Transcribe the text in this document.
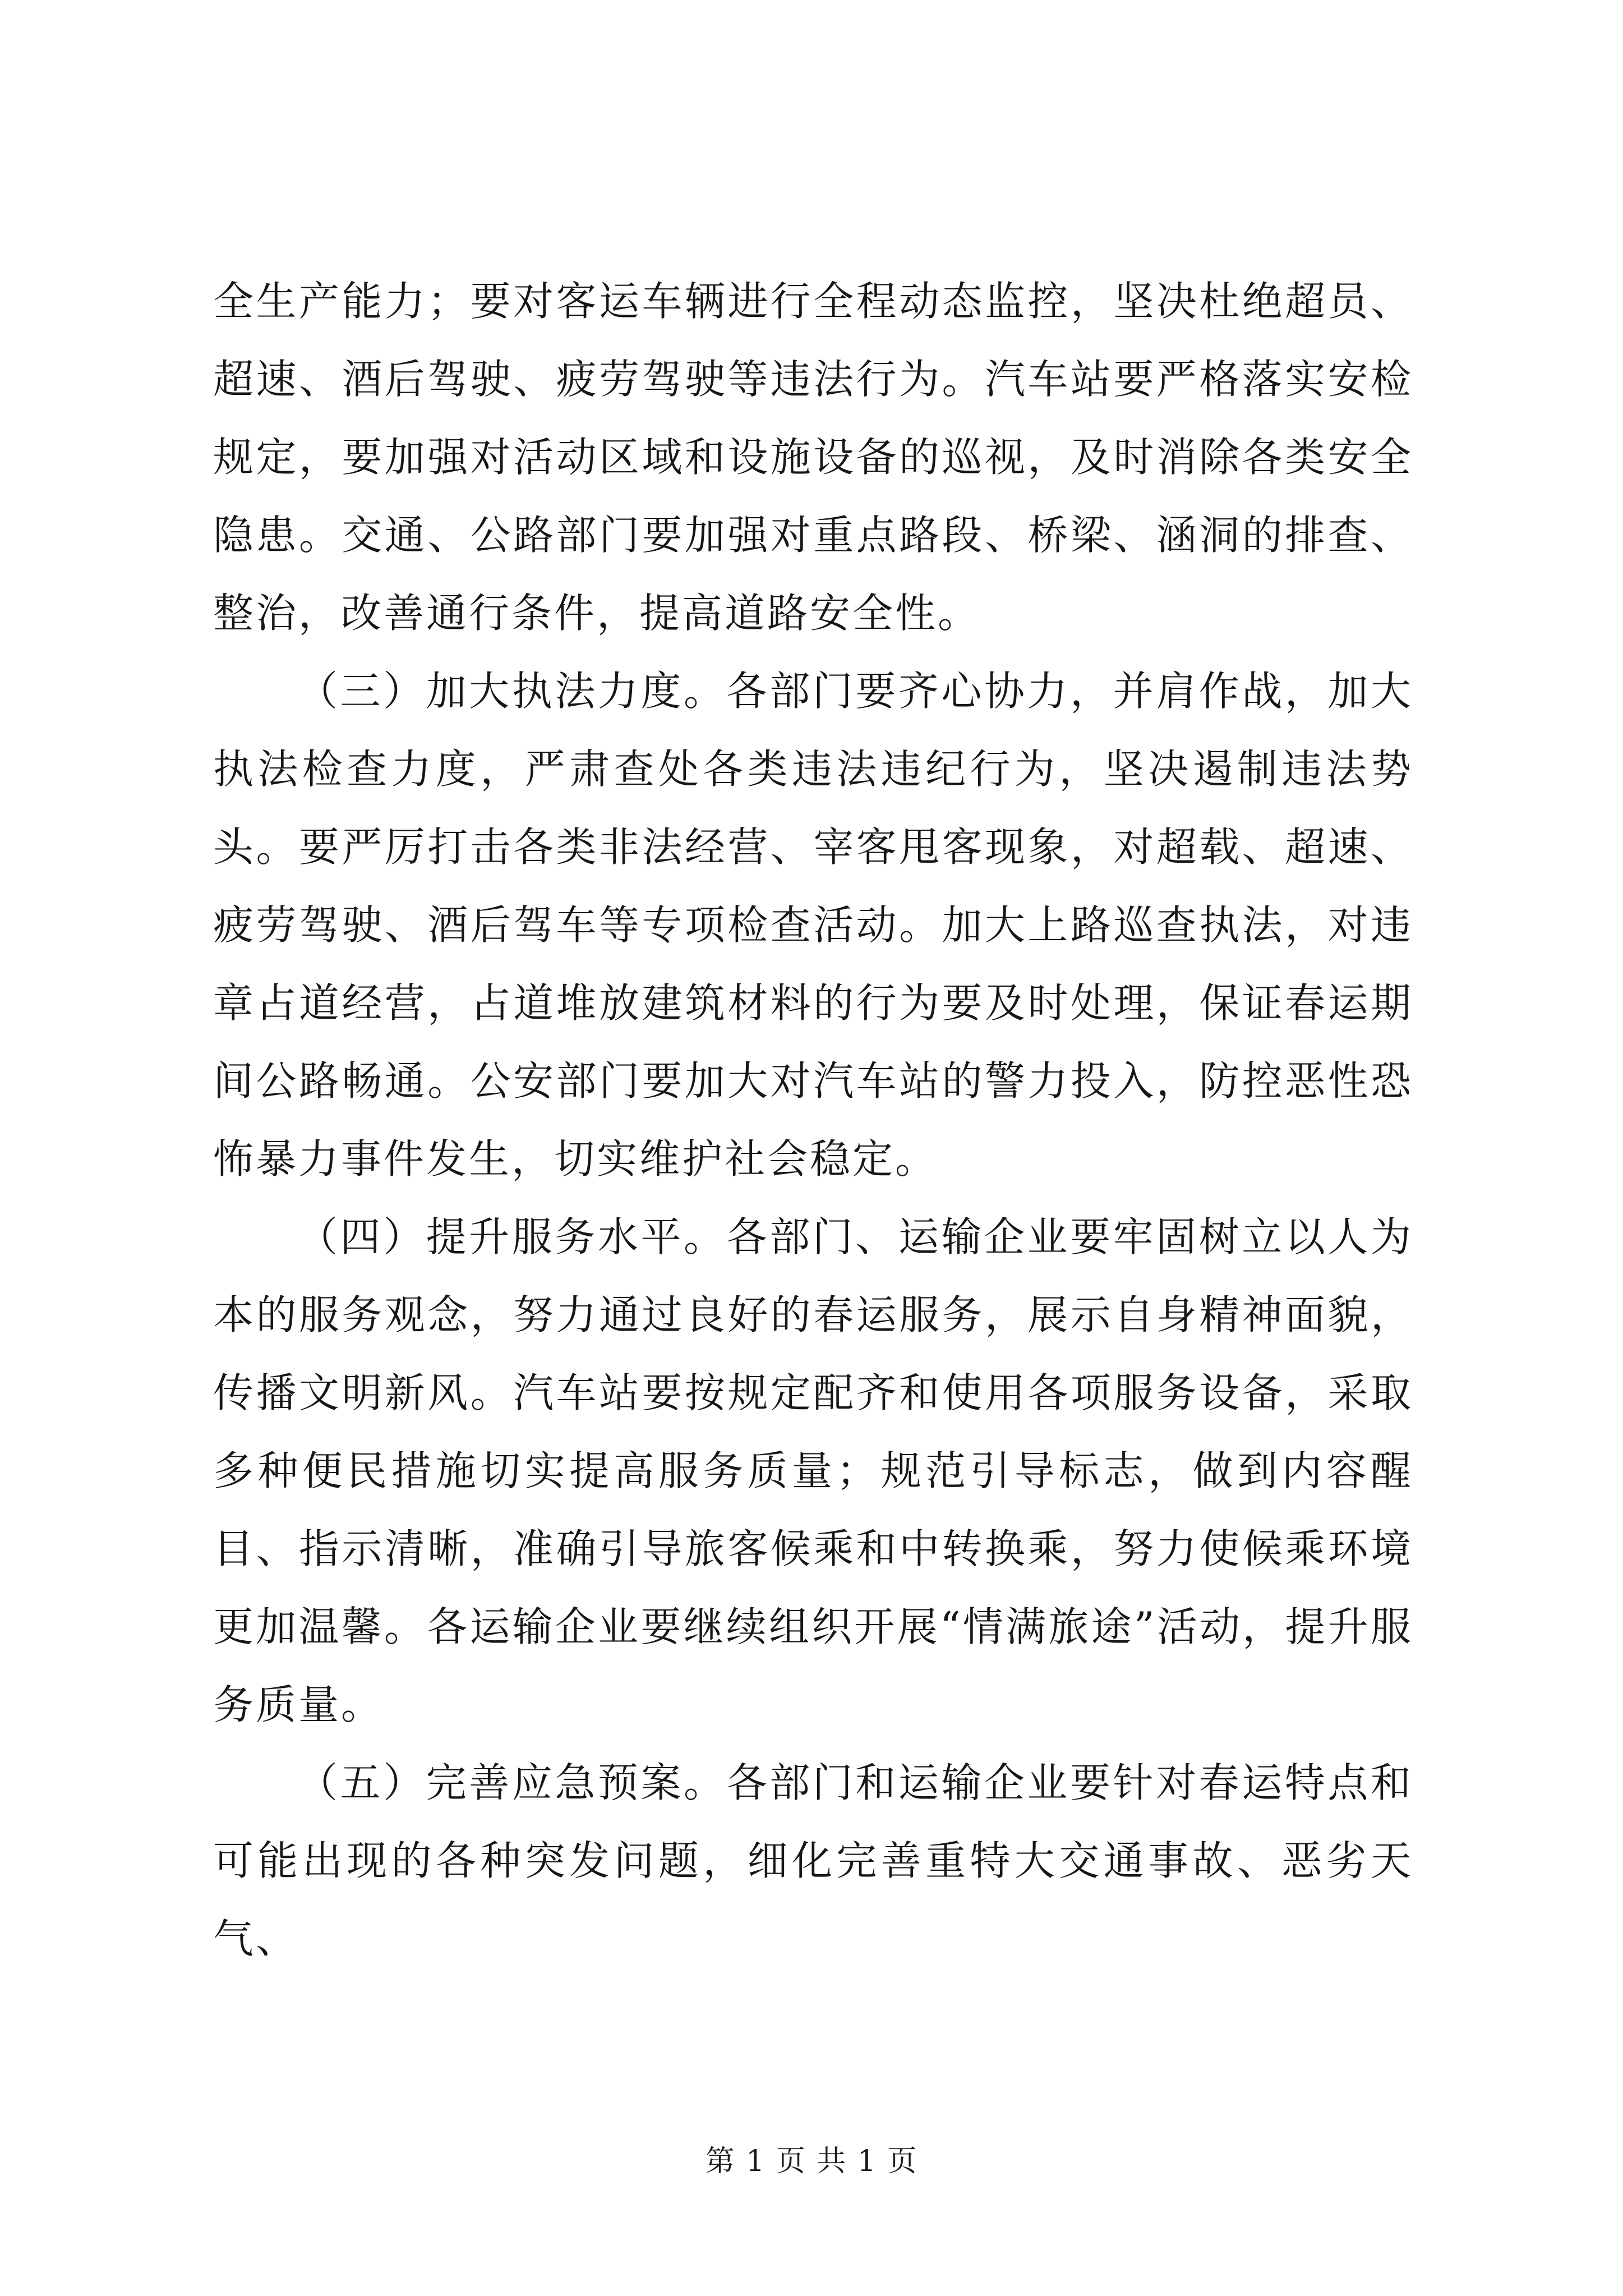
全生产能力；要对客运车辆进行全程动态监控，坚决杜绝超员、超速、酒后驾驶、疲劳驾驶等违法行为。汽车站要严格落实安检规定，要加强对活动区域和设施设备的巡视，及时消除各类安全隐患。交通、公路部门要加强对重点路段、桥梁、涵洞的排查、整治，改善通行条件，提高道路安全性。

（三）加大执法力度。各部门要齐心协力，并肩作战，加大执法检查力度，严肃查处各类违法违纪行为，坚决遏制违法势头。要严厉打击各类非法经营、宰客甩客现象，对超载、超速、疲劳驾驶、酒后驾车等专项检查活动。加大上路巡查执法，对违章占道经营，占道堆放建筑材料的行为要及时处理，保证春运期间公路畅通。公安部门要加大对汽车站的警力投入，防控恶性恐怖暴力事件发生，切实维护社会稳定。

（四）提升服务水平。各部门、运输企业要牢固树立以人为本的服务观念，努力通过良好的春运服务，展示自身精神面貌，传播文明新风。汽车站要按规定配齐和使用各项服务设备，采取多种便民措施切实提高服务质量；规范引导标志，做到内容醒目、指示清晰，准确引导旅客候乘和中转换乘，努力使候乘环境更加温馨。各运输企业要继续组织开展“情满旅途”活动，提升服务质量。

（五）完善应急预案。各部门和运输企业要针对春运特点和可能出现的各种突发问题，细化完善重特大交通事故、恶劣天气、

第 1 页 共 1 页
